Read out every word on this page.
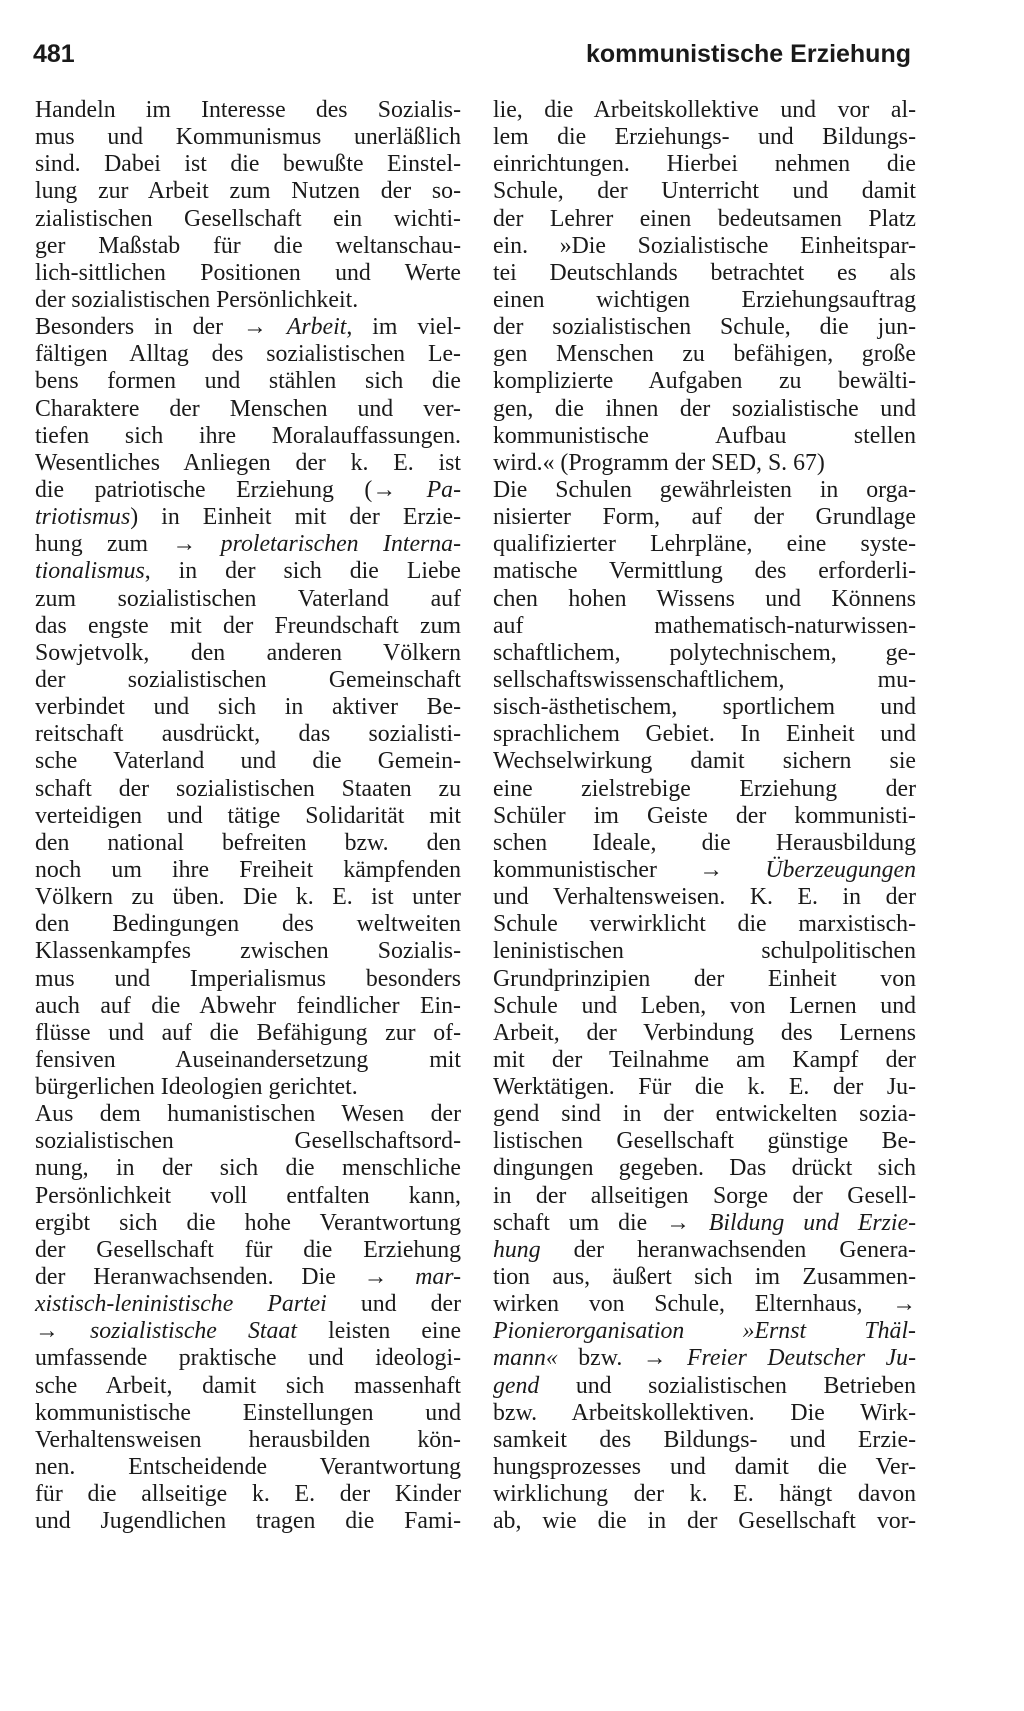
481	kommunistische Erziehung
Handeln im Interesse des Sozialis-
mus und Kommunismus unerläßlich
sind. Dabei ist die bewußte Einstel-
lung zur Arbeit zum Nutzen der so-
zialistischen Gesellschaft ein wichti-
ger Maßstab für die weltanschau-
lich-sittlichen Positionen und Werte
der sozialistischen Persönlichkeit.
Besonders in der → Arbeit, im viel-
fältigen Alltag des sozialistischen Le-
bens formen und stählen sich die
Charaktere der Menschen und ver-
tiefen sich ihre Moralauffassungen.
Wesentliches Anliegen der k. E. ist
die patriotische Erziehung (→ Pa-
triotismus) in Einheit mit der Erzie-
hung zum → proletarischen Interna-
tionalismus, in der sich die Liebe
zum sozialistischen Vaterland auf
das engste mit der Freundschaft zum
Sowjetvolk, den anderen Völkern
der sozialistischen Gemeinschaft
verbindet und sich in aktiver Be-
reitschaft ausdrückt, das sozialisti-
sche Vaterland und die Gemein-
schaft der sozialistischen Staaten zu
verteidigen und tätige Solidarität mit
den national befreiten bzw. den
noch um ihre Freiheit kämpfenden
Völkern zu üben. Die k. E. ist unter
den Bedingungen des weltweiten
Klassenkampfes zwischen Sozialis-
mus und Imperialismus besonders
auch auf die Abwehr feindlicher Ein-
flüsse und auf die Befähigung zur of-
fensiven Auseinandersetzung mit
bürgerlichen Ideologien gerichtet.
Aus dem humanistischen Wesen der
sozialistischen Gesellschaftsord-
nung, in der sich die menschliche
Persönlichkeit voll entfalten kann,
ergibt sich die hohe Verantwortung
der Gesellschaft für die Erziehung
der Heranwachsenden. Die → mar-
xistisch-leninistische Partei und der
→ sozialistische Staat leisten eine
umfassende praktische und ideologi-
sche Arbeit, damit sich massenhaft
kommunistische Einstellungen und
Verhaltensweisen herausbilden kön-
nen. Entscheidende Verantwortung
für die allseitige k. E. der Kinder
und Jugendlichen tragen die Fami-
lie, die Arbeitskollektive und vor al-
lem die Erziehungs- und Bildungs-
einrichtungen. Hierbei nehmen die
Schule, der Unterricht und damit
der Lehrer einen bedeutsamen Platz
ein. »Die Sozialistische Einheitspar-
tei Deutschlands betrachtet es als
einen wichtigen Erziehungsauftrag
der sozialistischen Schule, die jun-
gen Menschen zu befähigen, große
komplizierte Aufgaben zu bewälti-
gen, die ihnen der sozialistische und
kommunistische Aufbau stellen
wird.« (Programm der SED, S. 67)
Die Schulen gewährleisten in orga-
nisierter Form, auf der Grundlage
qualifizierter Lehrpläne, eine syste-
matische Vermittlung des erforderli-
chen hohen Wissens und Könnens
auf mathematisch-naturwissen-
schaftlichem, polytechnischem, ge-
sellschaftswissenschaftlichem, mu-
sisch-ästhetischem, sportlichem und
sprachlichem Gebiet. In Einheit und
Wechselwirkung damit sichern sie
eine zielstrebige Erziehung der
Schüler im Geiste der kommunisti-
schen Ideale, die Herausbildung
kommunistischer → Überzeugungen
und Verhaltensweisen. K. E. in der
Schule verwirklicht die marxistisch-
leninistischen schulpolitischen
Grundprinzipien der Einheit von
Schule und Leben, von Lernen und
Arbeit, der Verbindung des Lernens
mit der Teilnahme am Kampf der
Werktätigen. Für die k. E. der Ju-
gend sind in der entwickelten sozia-
listischen Gesellschaft günstige Be-
dingungen gegeben. Das drückt sich
in der allseitigen Sorge der Gesell-
schaft um die → Bildung und Erzie-
hung der heranwachsenden Genera-
tion aus, äußert sich im Zusammen-
wirken von Schule, Elternhaus, →
Pionierorganisation »Ernst Thäl-
mann« bzw. → Freier Deutscher Ju-
gend und sozialistischen Betrieben
bzw. Arbeitskollektiven. Die Wirk-
samkeit des Bildungs- und Erzie-
hungsprozesses und damit die Ver-
wirklichung der k. E. hängt davon
ab, wie die in der Gesellschaft vor-
